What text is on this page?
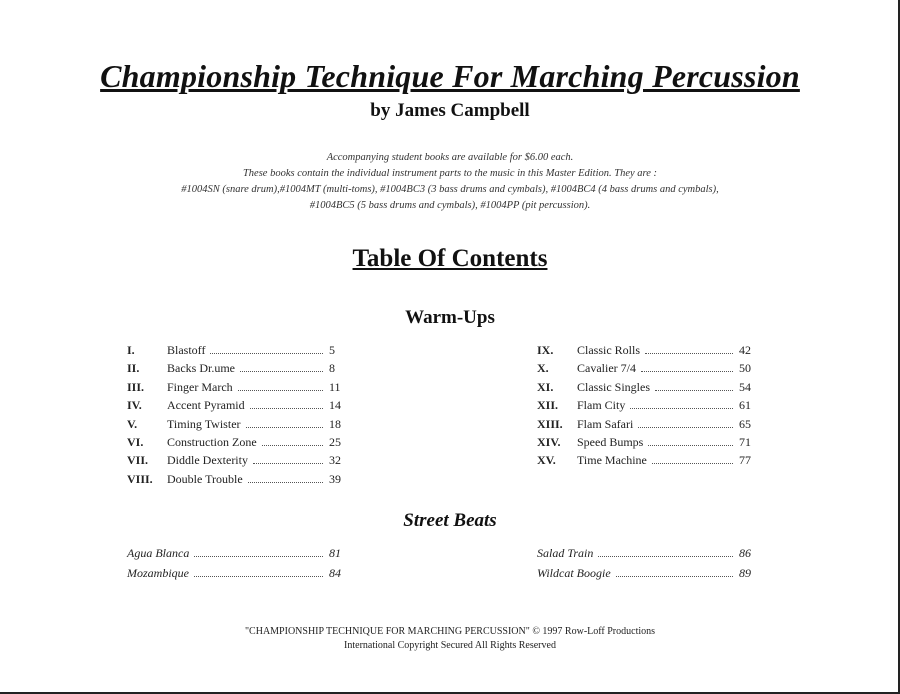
Championship Technique For Marching Percussion
by James Campbell
Accompanying student books are available for $6.00 each.
These books contain the individual instrument parts to the music in this Master Edition. They are :
#1004SN (snare drum),#1004MT (multi-toms), #1004BC3 (3 bass drums and cymbals), #1004BC4 (4 bass drums and cymbals),
#1004BC5 (5 bass drums and cymbals), #1004PP (pit percussion).
Table Of Contents
Warm-Ups
I.	Blastoff	5
II.	Backs Dr.ume	8
III.	Finger March	11
IV.	Accent Pyramid	14
V.	Timing Twister	18
VI.	Construction Zone	25
VII.	Diddle Dexterity	32
VIII.	Double Trouble	39
IX.	Classic Rolls	42
X.	Cavalier 7/4	50
XI.	Classic Singles	54
XII.	Flam City	61
XIII.	Flam Safari	65
XIV.	Speed Bumps	71
XV.	Time Machine	77
Street Beats
Agua Blanca	81
Mozambique	84
Salad Train	86
Wildcat Boogie	89
"CHAMPIONSHIP TECHNIQUE FOR MARCHING PERCUSSION" © 1997 Row-Loff Productions
International Copyright Secured All Rights Reserved
